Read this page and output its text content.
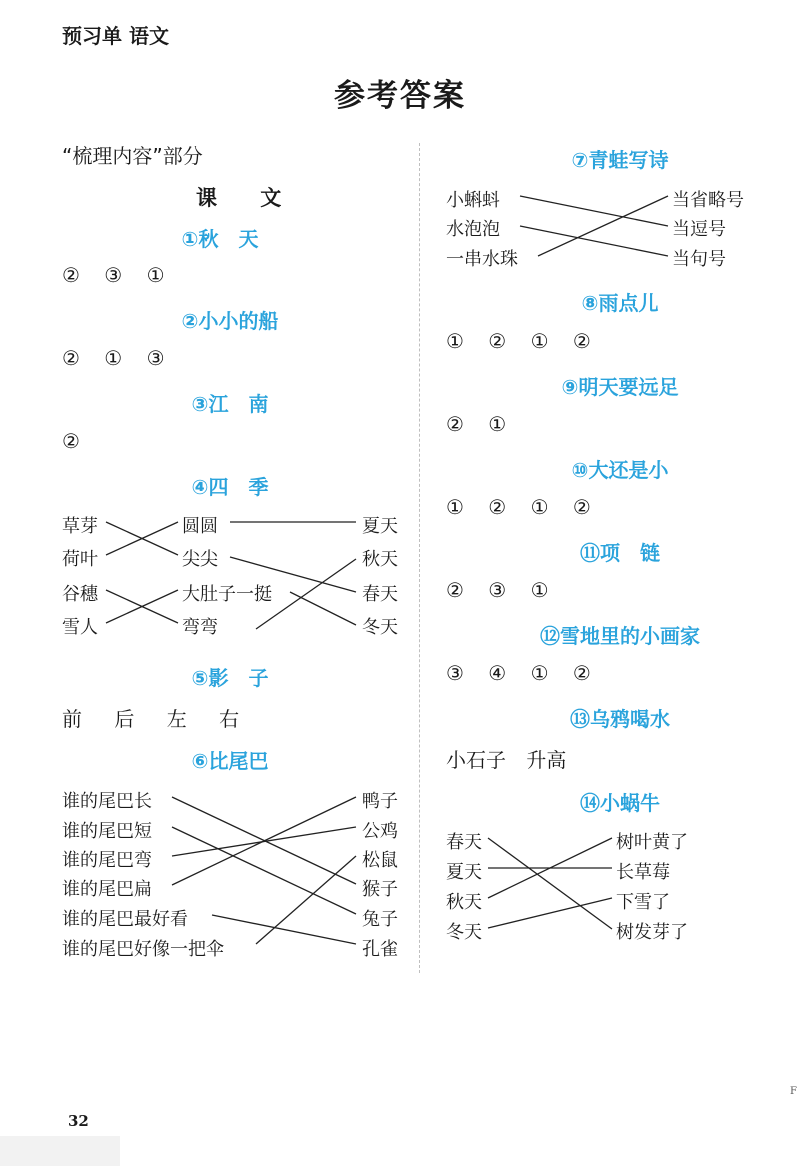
预习单 语文
参考答案
“梳理内容”部分
课 文
①秋　天
② ③ ①
②小小的船
② ① ③
③江　南
②
④四　季
草芽
荷叶
谷穗
雪人
圆圆
尖尖
大肚子一挺
弯弯
夏天
秋天
春天
冬天
⑤影　子
前 后 左 右
⑥比尾巴
谁的尾巴长
谁的尾巴短
谁的尾巴弯
谁的尾巴扁
谁的尾巴最好看
谁的尾巴好像一把伞
鸭子
公鸡
松鼠
猴子
兔子
孔雀
⑦青蛙写诗
小蝌蚪
水泡泡
一串水珠
当省略号
当逗号
当句号
⑧雨点儿
① ② ① ②
⑨明天要远足
② ①
⑩大还是小
① ② ① ②
⑪项　链
② ③ ①
⑫雪地里的小画家
③ ④ ① ②
⑬乌鸦喝水
小石子 升高
⑭小蜗牛
春天
夏天
秋天
冬天
树叶黄了
长草莓
下雪了
树发芽了
32
F
